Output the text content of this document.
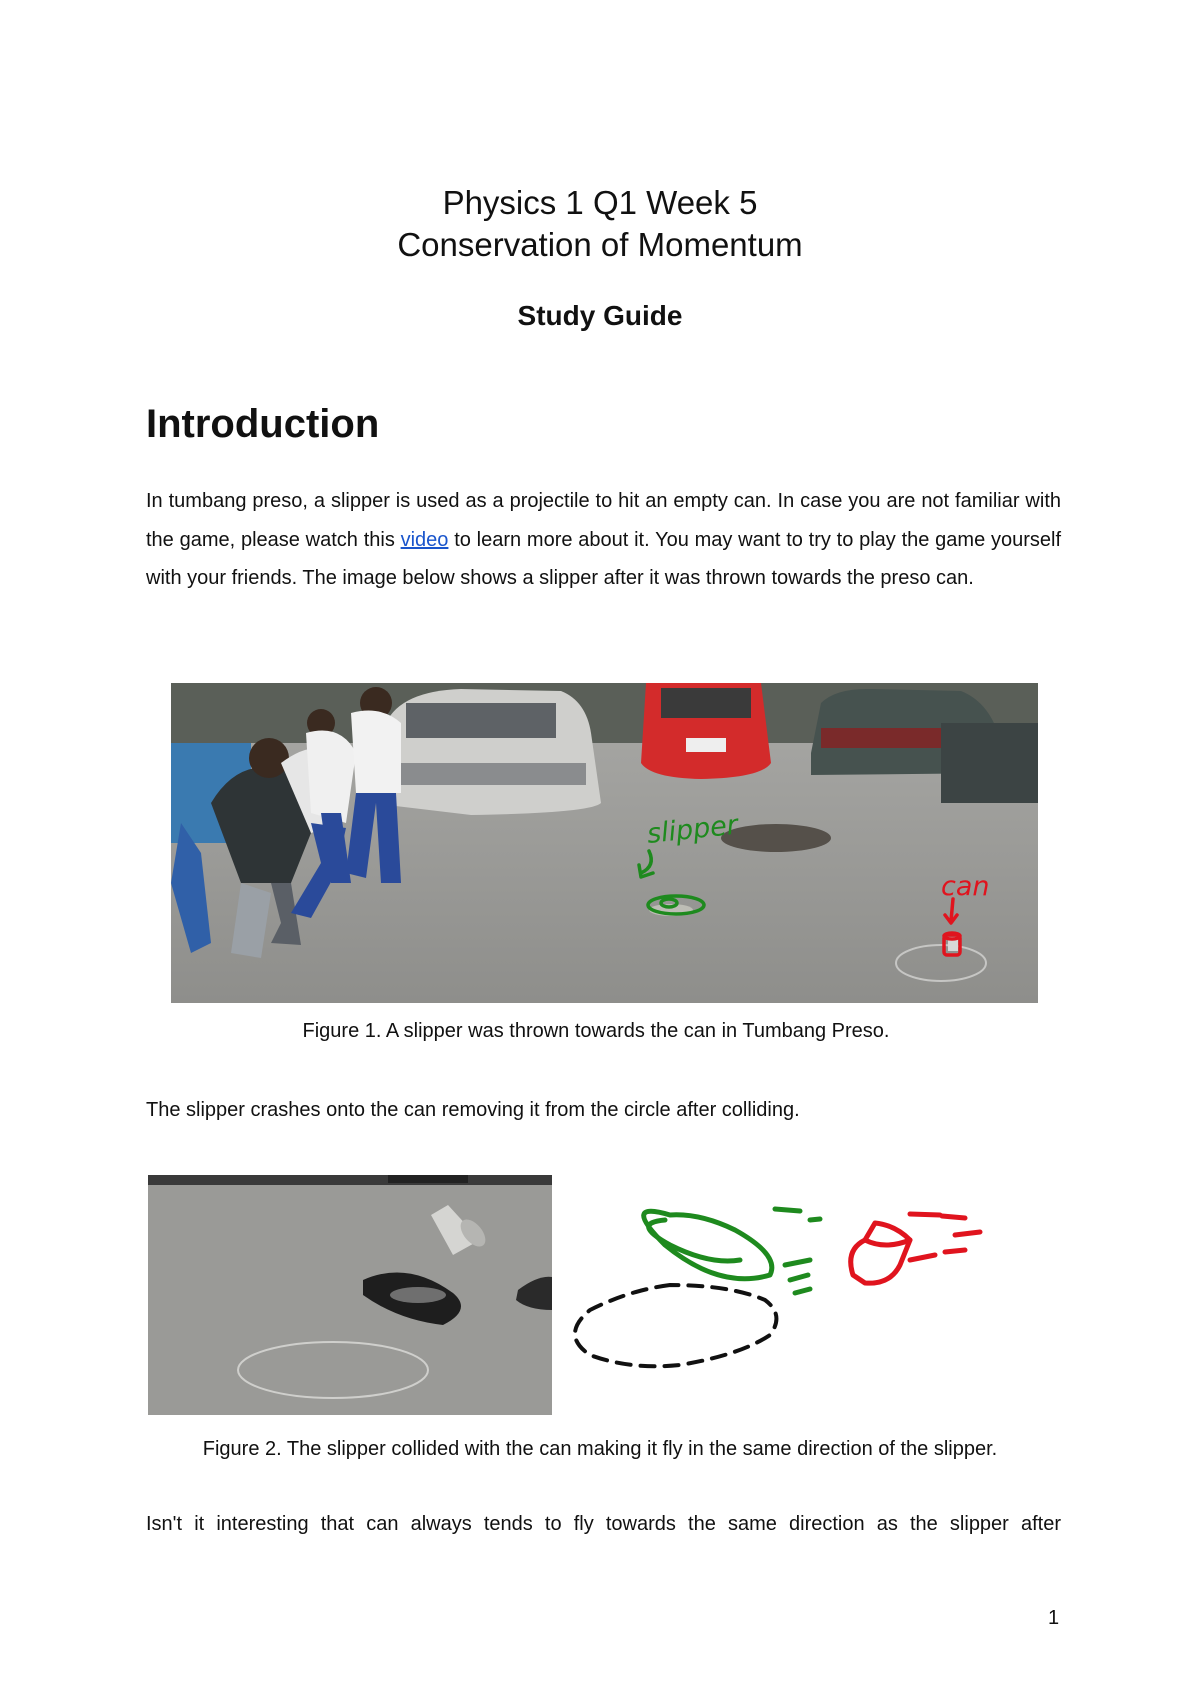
Physics 1 Q1 Week 5
Conservation of Momentum
Study Guide
Introduction
In tumbang preso, a slipper is used as a projectile to hit an empty can. In case you are not familiar with the game, please watch this video to learn more about it. You may want to try to play the game yourself with your friends. The image below shows a slipper after it was thrown towards the preso can.
slipper
can
Figure 1. A slipper was thrown towards the can in Tumbang Preso.
The slipper crashes onto the can removing it from the circle after colliding.
Figure 2. The slipper collided with the can making it fly in the same direction of the slipper.
Isn't it interesting that can always tends to fly towards the same direction as the slipper after
1
